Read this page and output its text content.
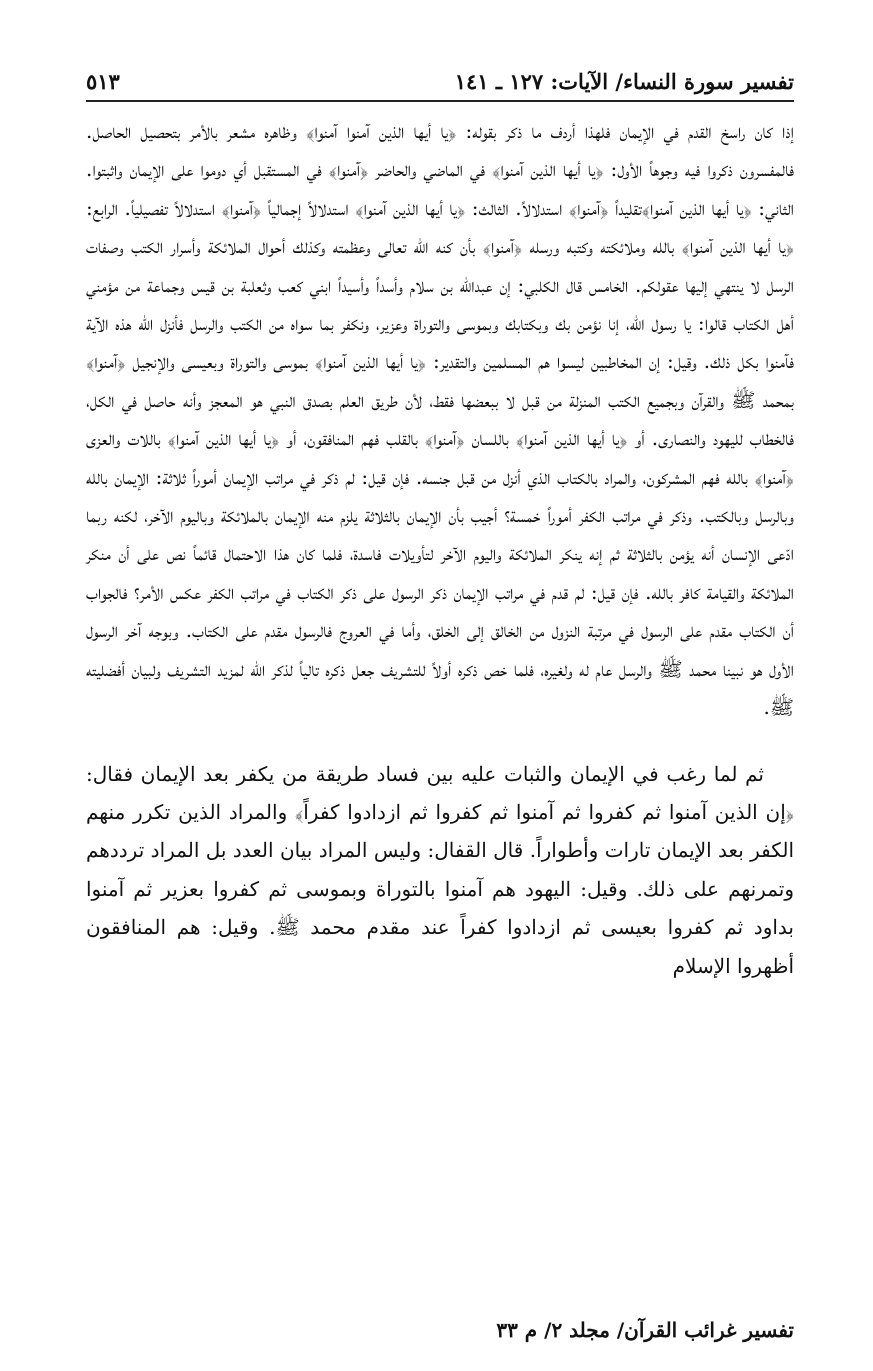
تفسير سورة النساء/ الآيات: ١٢٧ ـ ١٤١
٥١٣

إذا كان راسخ القدم في الإيمان فلهذا أردف ما ذكر بقوله: ﴿يا أيها الذين آمنوا آمنوا﴾ وظاهره مشعر بالأمر بتحصيل الحاصل. فالمفسرون ذكروا فيه وجوهاً الأول: ﴿يا أيها الذين آمنوا﴾ في الماضي والحاضر ﴿آمنوا﴾ في المستقبل أي دوموا على الإيمان واثبتوا. الثاني: ﴿يا أيها الذين آمنوا﴾تقليداً ﴿آمنوا﴾ استدلالاً. الثالث: ﴿يا أيها الذين آمنوا﴾ استدلالاً إجمالياً ﴿آمنوا﴾ استدلالاً تفصيلياً. الرابع: ﴿يا أيها الذين آمنوا﴾ بالله وملائكته وكتبه ورسله ﴿آمنوا﴾ بأن كنه الله تعالى وعظمته وكذلك أحوال الملائكة وأسرار الكتب وصفات الرسل لا ينتهي إليها عقولكم. الخامس قال الكلبي: إن عبدالله بن سلام وأسداً وأسيداً ابني كعب وثعلبة بن قيس وجماعة من مؤمني أهل الكتاب قالوا: يا رسول الله، إنا نؤمن بك وبكتابك وبموسى والتوراة وعزير، ونكفر بما سواه من الكتب والرسل فأنزل الله هذه الآية فآمنوا بكل ذلك. وقيل: إن المخاطبين ليسوا هم المسلمين والتقدير: ﴿يا أيها الذين آمنوا﴾ بموسى والتوراة وبعيسى والإنجيل ﴿آمنوا﴾بمحمد ﷺ والقرآن وبجميع الكتب المنزلة من قبل لا ببعضها فقط، لأن طريق العلم بصدق النبي هو المعجز وأنه حاصل في الكل، فالخطاب لليهود والنصارى. أو ﴿يا أيها الذين آمنوا﴾ باللسان ﴿آمنوا﴾ بالقلب فهم المنافقون، أو ﴿يا أيها الذين آمنوا﴾ باللات والعزى ﴿آمنوا﴾ بالله فهم المشركون، والمراد بالكتاب الذي أنزل من قبل جنسه. فإن قيل: لم ذكر في مراتب الإيمان أموراً ثلاثة: الإيمان بالله وبالرسل وبالكتب. وذكر في مراتب الكفر أموراً خمسة؟ أجيب بأن الإيمان بالثلاثة يلزم منه الإيمان بالملائكة وباليوم الآخر، لكنه ربما ادّعى الإنسان أنه يؤمن بالثلاثة ثم إنه ينكر الملائكة واليوم الآخر لتأويلات فاسدة، فلما كان هذا الاحتمال قائماً نص على أن منكر الملائكة والقيامة كافر بالله. فإن قيل: لم قدم في مراتب الإيمان ذكر الرسول على ذكر الكتاب في مراتب الكفر عكس الأمر؟ فالجواب أن الكتاب مقدم على الرسول في مرتبة النزول من الخالق إلى الخلق، وأما في العروج فالرسول مقدم على الكتاب. وبوجه آخر الرسول الأول هو نبينا محمد ﷺ والرسل عام له ولغيره، فلما خص ذكره أولاً للتشريف جعل ذكره تالياً لذكر الله لمزيد التشريف ولبيان أفضليته ﷺ.

ثم لما رغب في الإيمان والثبات عليه بين فساد طريقة من يكفر بعد الإيمان فقال: ﴿إن الذين آمنوا ثم كفروا ثم آمنوا ثم كفروا ثم ازدادوا كفراً﴾ والمراد الذين تكرر منهم الكفر بعد الإيمان تارات وأطواراً. قال القفال: وليس المراد بيان العدد بل المراد ترددهم وتمرنهم على ذلك. وقيل: اليهود هم آمنوا بالتوراة وبموسى ثم كفروا بعزير ثم آمنوا بداود ثم كفروا بعيسى ثم ازدادوا كفراً عند مقدم محمد ﷺ. وقيل: هم المنافقون أظهروا الإسلام

تفسير غرائب القرآن/ مجلد ٢/ م ٣٣
